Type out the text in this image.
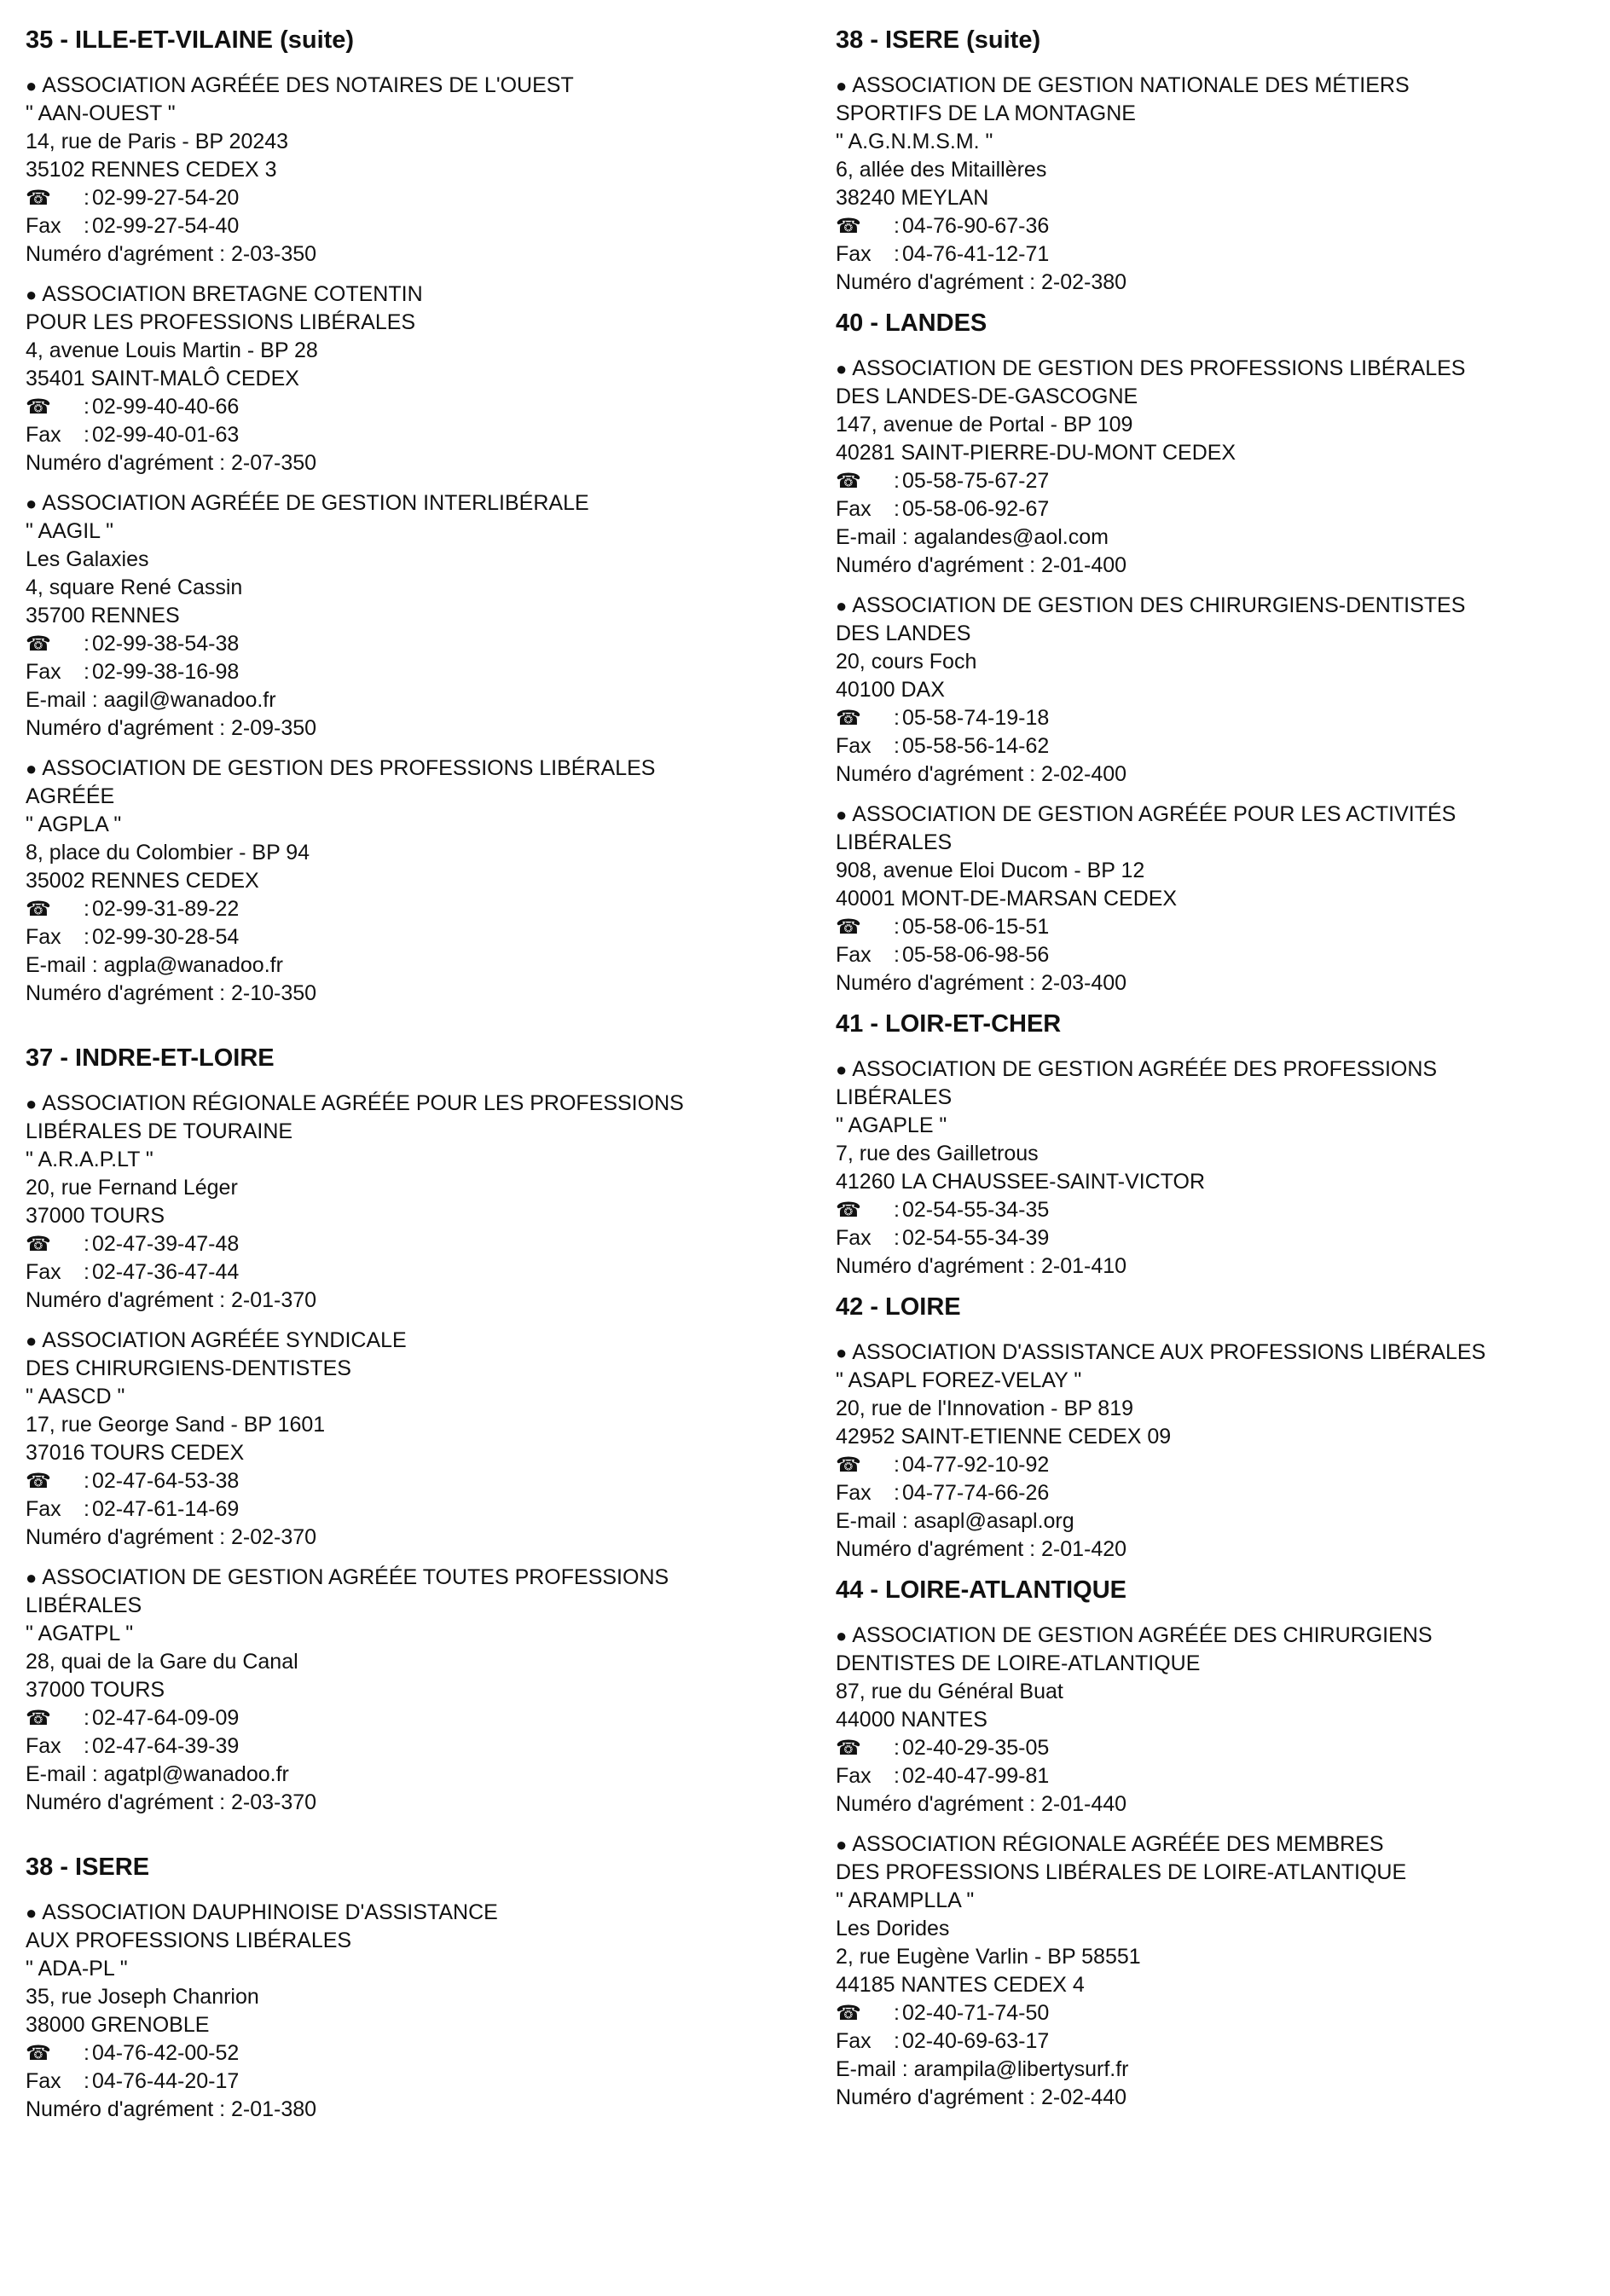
35 - ILLE-ET-VILAINE (suite)
● ASSOCIATION AGRÉÉE DES NOTAIRES DE L'OUEST
" AAN-OUEST "
14, rue de Paris - BP 20243
35102 RENNES CEDEX 3
☎ : 02-99-27-54-20
Fax : 02-99-27-54-40
Numéro d'agrément : 2-03-350
● ASSOCIATION BRETAGNE COTENTIN
POUR LES PROFESSIONS LIBÉRALES
4, avenue Louis Martin - BP 28
35401 SAINT-MALÔ CEDEX
☎ : 02-99-40-40-66
Fax : 02-99-40-01-63
Numéro d'agrément : 2-07-350
● ASSOCIATION AGRÉÉE DE GESTION INTERLIBÉRALE
" AAGIL "
Les Galaxies
4, square René Cassin
35700 RENNES
☎ : 02-99-38-54-38
Fax : 02-99-38-16-98
E-mail : aagil@wanadoo.fr
Numéro d'agrément : 2-09-350
● ASSOCIATION DE GESTION DES PROFESSIONS LIBÉRALES
AGRÉÉE
" AGPLA "
8, place du Colombier - BP 94
35002 RENNES CEDEX
☎ : 02-99-31-89-22
Fax : 02-99-30-28-54
E-mail : agpla@wanadoo.fr
Numéro d'agrément : 2-10-350
37 - INDRE-ET-LOIRE
● ASSOCIATION RÉGIONALE AGRÉÉE POUR LES PROFESSIONS
LIBÉRALES DE TOURAINE
" A.R.A.P.LT "
20, rue Fernand Léger
37000 TOURS
☎ : 02-47-39-47-48
Fax : 02-47-36-47-44
Numéro d'agrément : 2-01-370
● ASSOCIATION AGRÉÉE SYNDICALE
DES CHIRURGIENS-DENTISTES
" AASCD "
17, rue George Sand - BP 1601
37016 TOURS CEDEX
☎ : 02-47-64-53-38
Fax : 02-47-61-14-69
Numéro d'agrément : 2-02-370
● ASSOCIATION DE GESTION AGRÉÉE TOUTES PROFESSIONS
LIBÉRALES
" AGATPL "
28, quai de la Gare du Canal
37000 TOURS
☎ : 02-47-64-09-09
Fax : 02-47-64-39-39
E-mail : agatpl@wanadoo.fr
Numéro d'agrément : 2-03-370
38 - ISERE
● ASSOCIATION DAUPHINOISE D'ASSISTANCE
AUX PROFESSIONS LIBÉRALES
" ADA-PL "
35, rue Joseph Chanrion
38000 GRENOBLE
☎ : 04-76-42-00-52
Fax : 04-76-44-20-17
Numéro d'agrément : 2-01-380
38 - ISERE (suite)
● ASSOCIATION DE GESTION NATIONALE DES MÉTIERS
SPORTIFS DE LA MONTAGNE
" A.G.N.M.S.M. "
6, allée des Mitaillères
38240 MEYLAN
☎ : 04-76-90-67-36
Fax : 04-76-41-12-71
Numéro d'agrément : 2-02-380
40 - LANDES
● ASSOCIATION DE GESTION DES PROFESSIONS LIBÉRALES
DES LANDES-DE-GASCOGNE
147, avenue de Portal - BP 109
40281 SAINT-PIERRE-DU-MONT CEDEX
☎ : 05-58-75-67-27
Fax : 05-58-06-92-67
E-mail : agalandes@aol.com
Numéro d'agrément : 2-01-400
● ASSOCIATION DE GESTION DES CHIRURGIENS-DENTISTES
DES LANDES
20, cours Foch
40100 DAX
☎ : 05-58-74-19-18
Fax : 05-58-56-14-62
Numéro d'agrément : 2-02-400
● ASSOCIATION DE GESTION AGRÉÉE POUR LES ACTIVITÉS
LIBÉRALES
908, avenue Eloi Ducom - BP 12
40001 MONT-DE-MARSAN CEDEX
☎ : 05-58-06-15-51
Fax : 05-58-06-98-56
Numéro d'agrément : 2-03-400
41 - LOIR-ET-CHER
● ASSOCIATION DE GESTION AGRÉÉE DES PROFESSIONS
LIBÉRALES
" AGAPLE "
7, rue des Gailletrous
41260 LA CHAUSSEE-SAINT-VICTOR
☎ : 02-54-55-34-35
Fax : 02-54-55-34-39
Numéro d'agrément : 2-01-410
42 - LOIRE
● ASSOCIATION D'ASSISTANCE AUX PROFESSIONS LIBÉRALES
" ASAPL FOREZ-VELAY "
20, rue de l'Innovation - BP 819
42952 SAINT-ETIENNE CEDEX 09
☎ : 04-77-92-10-92
Fax : 04-77-74-66-26
E-mail : asapl@asapl.org
Numéro d'agrément : 2-01-420
44 - LOIRE-ATLANTIQUE
● ASSOCIATION DE GESTION AGRÉÉE DES CHIRURGIENS
DENTISTES DE LOIRE-ATLANTIQUE
87, rue du Général Buat
44000 NANTES
☎ : 02-40-29-35-05
Fax : 02-40-47-99-81
Numéro d'agrément : 2-01-440
● ASSOCIATION RÉGIONALE AGRÉÉE DES MEMBRES
DES PROFESSIONS LIBÉRALES DE LOIRE-ATLANTIQUE
" ARAMPLLA "
Les Dorides
2, rue Eugène Varlin - BP 58551
44185 NANTES CEDEX 4
☎ : 02-40-71-74-50
Fax : 02-40-69-63-17
E-mail : arampila@libertysurf.fr
Numéro d'agrément : 2-02-440
